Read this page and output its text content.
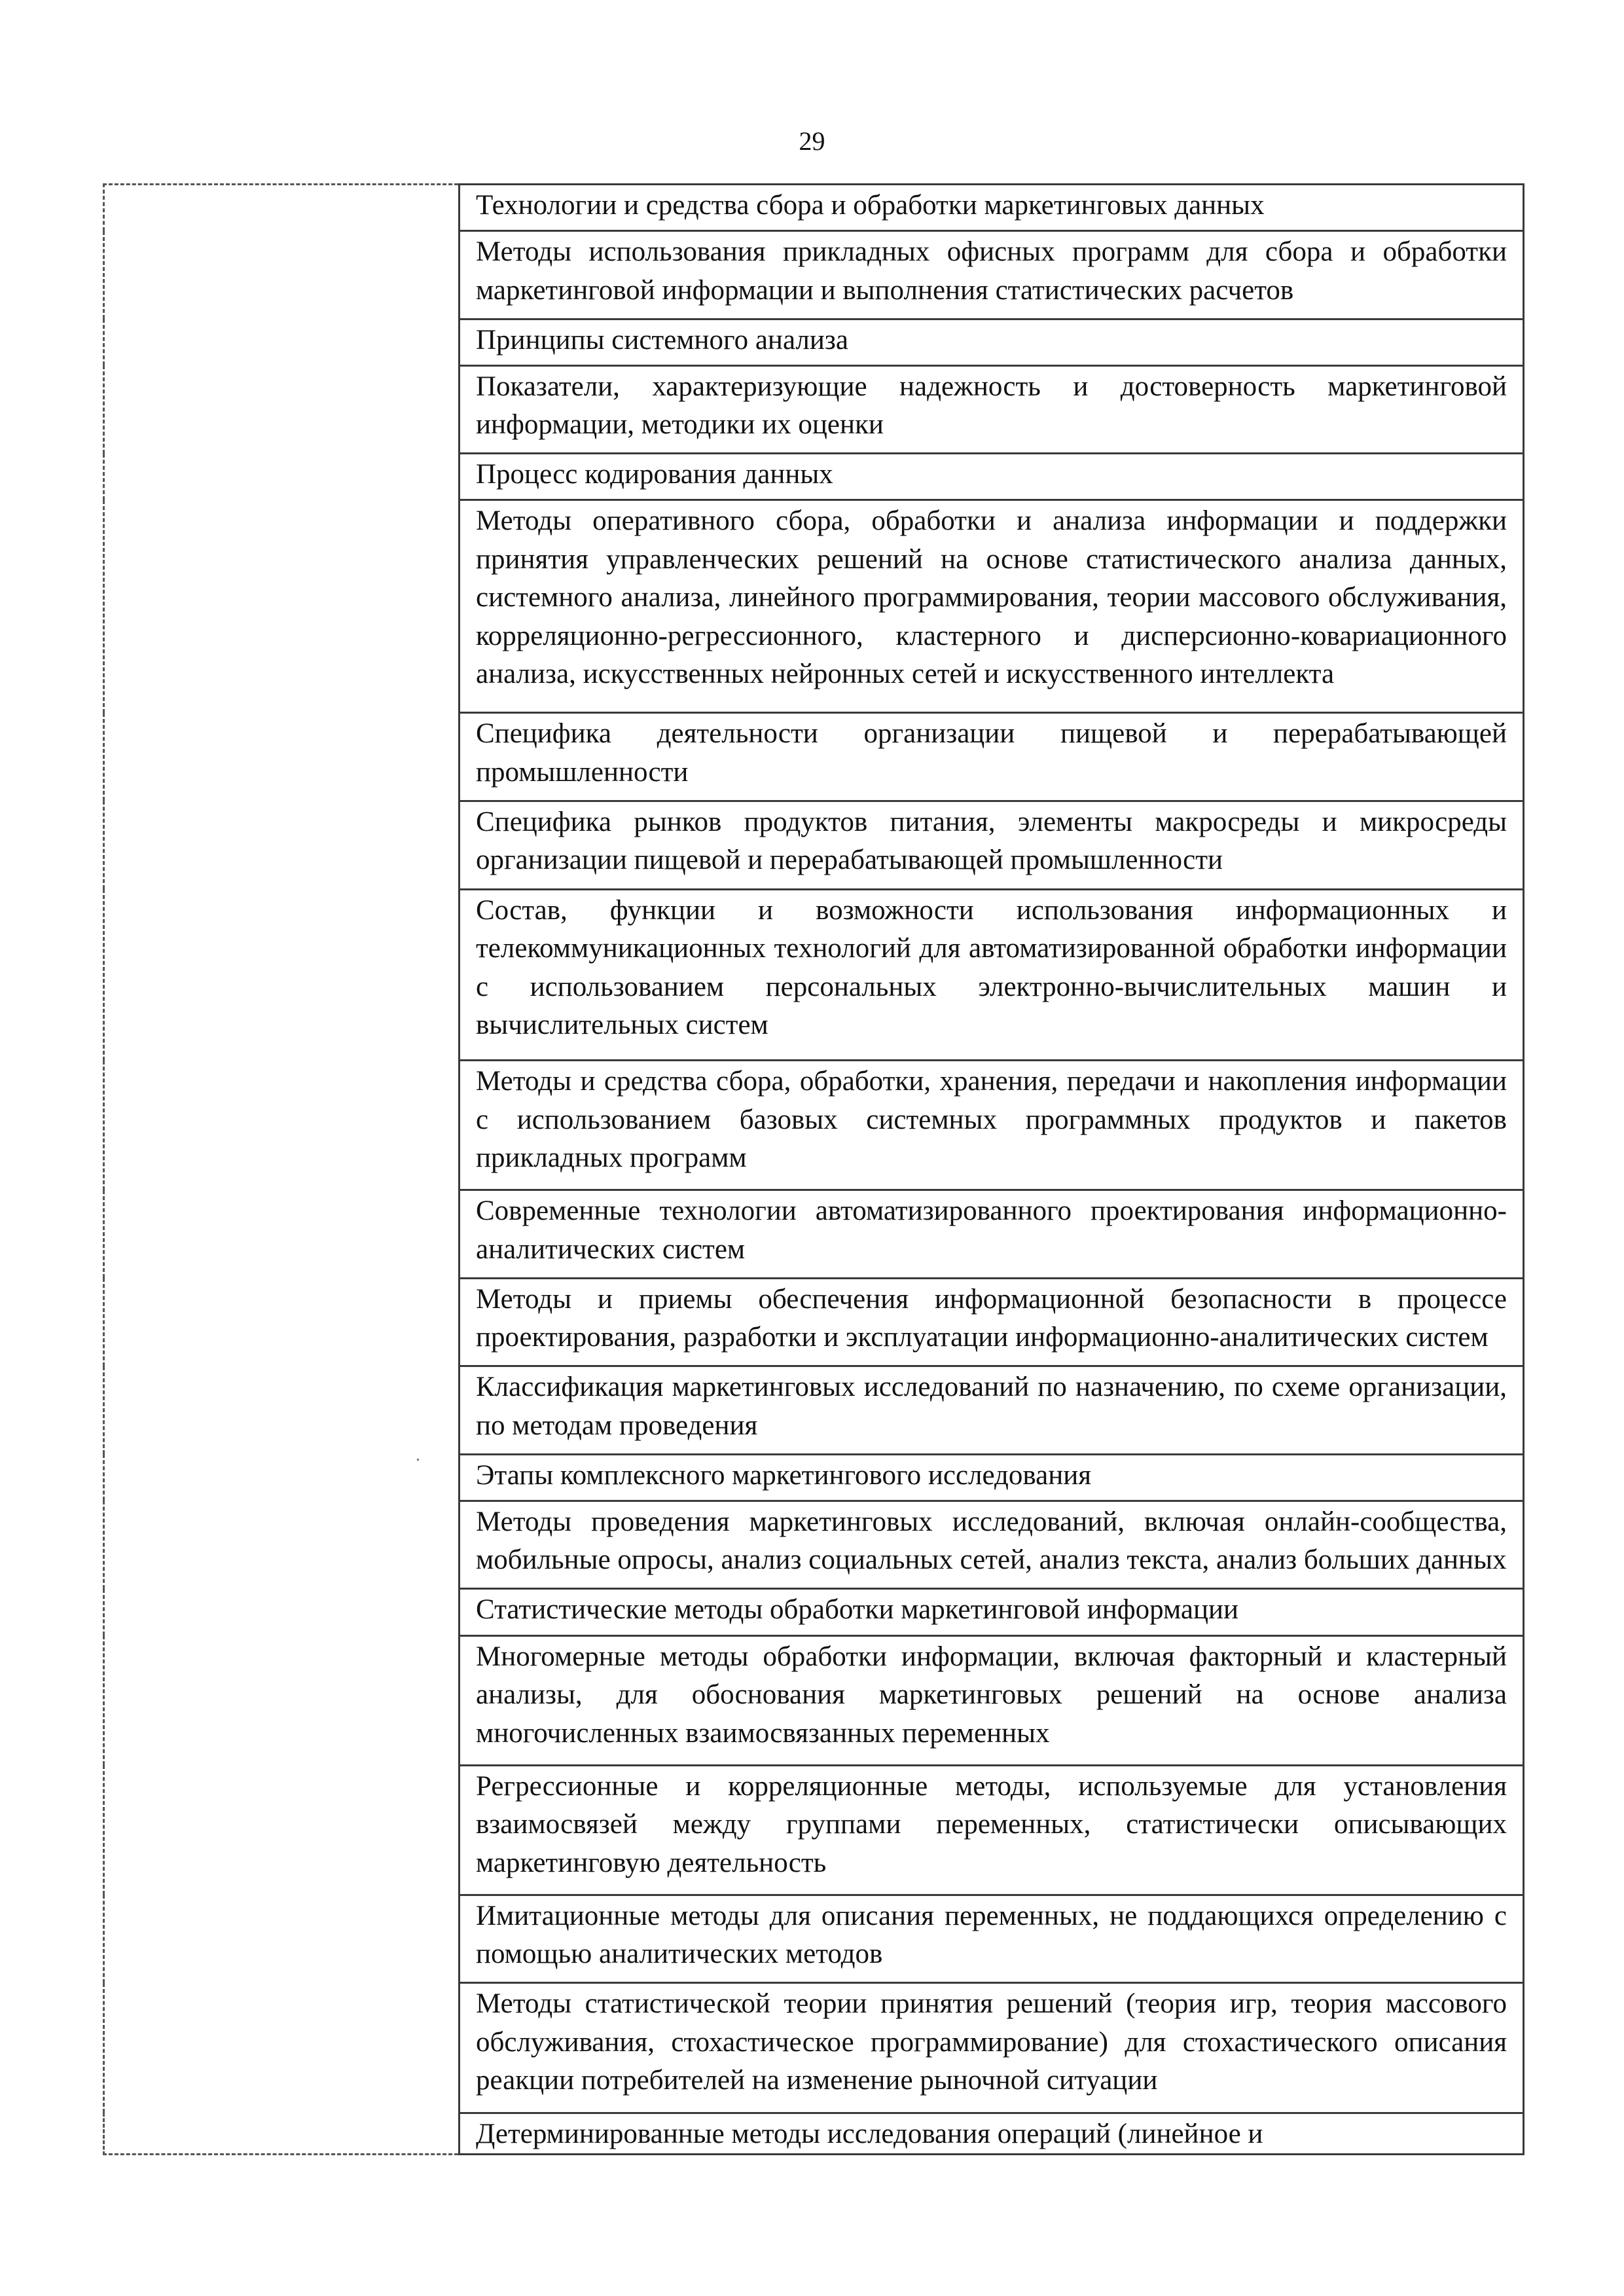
29
	Технологии и средства сбора и обработки маркетинговых данных
Методы использования прикладных офисных программ для сбора и обработки маркетинговой информации и выполнения статистических расчетов
Принципы системного анализа
Показатели, характеризующие надежность и достоверность маркетинговой информации, методики их оценки
Процесс кодирования данных
Методы оперативного сбора, обработки и анализа информации и поддержки принятия управленческих решений на основе статистического анализа данных, системного анализа, линейного программирования, теории массового обслуживания, корреляционно-регрессионного, кластерного и дисперсионно-ковариационного анализа, искусственных нейронных сетей и искусственного интеллекта
Специфика деятельности организации пищевой и перерабатывающей промышленности
Специфика рынков продуктов питания, элементы макросреды и микросреды организации пищевой и перерабатывающей промышленности
Состав, функции и возможности использования информационных и телекоммуникационных технологий для автоматизированной обработки информации с использованием персональных электронно-вычислительных машин и вычислительных систем
Методы и средства сбора, обработки, хранения, передачи и накопления информации с использованием базовых системных программных продуктов и пакетов прикладных программ
Современные технологии автоматизированного проектирования информационно-аналитических систем
Методы и приемы обеспечения информационной безопасности в процессе проектирования, разработки и эксплуатации информационно-аналитических систем
Классификация маркетинговых исследований по назначению, по схеме организации, по методам проведения
Этапы комплексного маркетингового исследования
Методы проведения маркетинговых исследований, включая онлайн-сообщества, мобильные опросы, анализ социальных сетей, анализ текста, анализ больших данных
Статистические методы обработки маркетинговой информации
Многомерные методы обработки информации, включая факторный и кластерный анализы, для обоснования маркетинговых решений на основе анализа многочисленных взаимосвязанных переменных
Регрессионные и корреляционные методы, используемые для установления взаимосвязей между группами переменных, статистически описывающих маркетинговую деятельность
Имитационные методы для описания переменных, не поддающихся определению с помощью аналитических методов
Методы статистической теории принятия решений (теория игр, теория массового обслуживания, стохастическое программирование) для стохастического описания реакции потребителей на изменение рыночной ситуации
Детерминированные методы исследования операций (линейное и
